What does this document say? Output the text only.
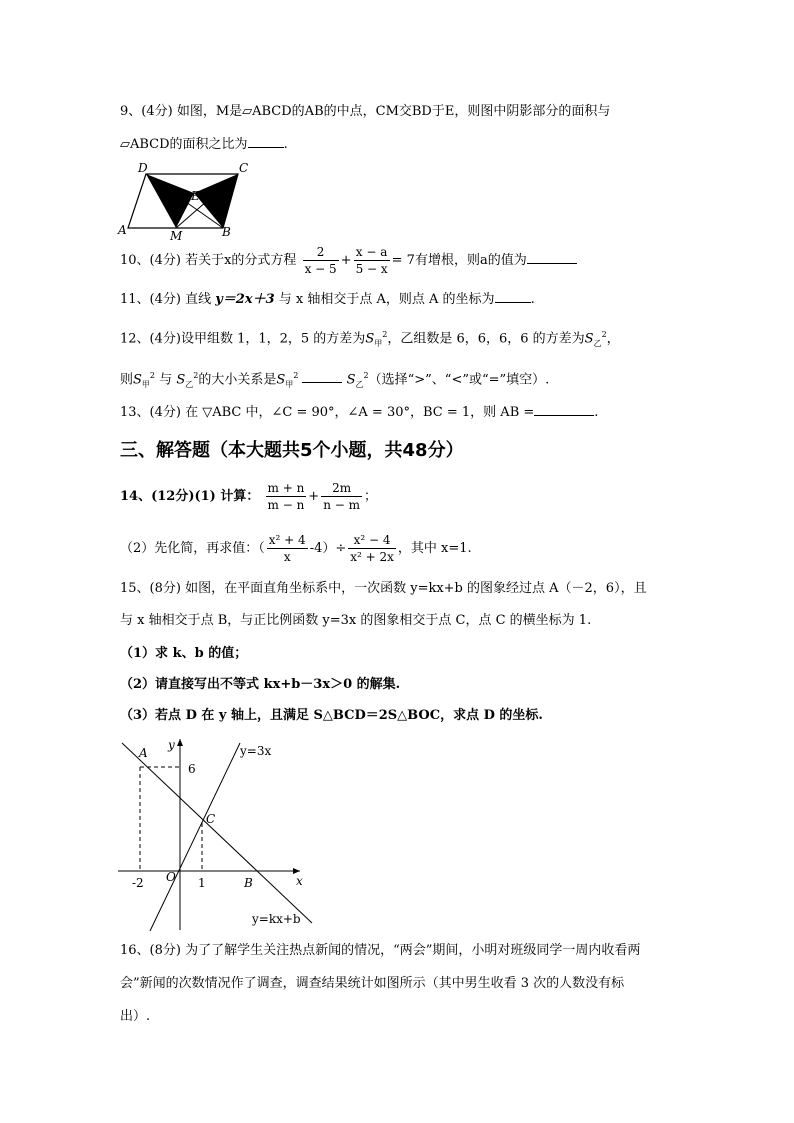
9、(4分) 如图，M是▱ABCD的AB的中点，CM交BD于E，则图中阴影部分的面积与
▱ABCD的面积之比为	.
D	C
E
A	M	B
10、(4分) 若关于x的分式方程 $\frac{2}{x - 5} + \frac{x - a}{5 - x} = 7$有增根，则a的值为
11、(4分) 直线 y＝2x＋3 与 x 轴相交于点 A，则点 A 的坐标为	.
12、(4分)设甲组数 1，1，2，5 的方差为$S_甲^2$，乙组数是 6，6，6，6 的方差为$S_乙^2$，
则$S_甲^2$ 与 $S_乙^2$的大小关系是$S_甲^2$	$S_乙^2$（选择“>”、“<”或“=”填空）.
13、(4分) 在 ▽ABC 中，∠C = 90°，∠A = 30°，BC = 1，则 AB =	.
三、解答题（本大题共5个小题，共48分）
14、(12分)(1) 计算： $\frac{m + n}{m - n} + \frac{2m}{n - m}$ ；
（2）先化简，再求值：（ $\frac{\text{x² + 4}}{x} -4)\div \frac{\text{x² − 4}}{\text{x² + 2x}}$ ，其中 x=1.
15、(8分) 如图，在平面直角坐标系中，一次函数 y=kx+b 的图象经过点 A（－2，6），且
与 x 轴相交于点 B，与正比例函数 y=3x 的图象相交于点 C，点 C 的横坐标为 1.
（1）求 k、b 的值；
（2）请直接写出不等式 kx+b－3x＞0 的解集.
（3）若点 D 在 y 轴上，且满足 S△BCD＝2S△BOC，求点 D 的坐标.
A
y
6
y=3x
C
-2 O 1	B	x
y=kx+b
16、(8分) 为了了解学生关注热点新闻的情况，“两会”期间，小明对班级同学一周内收看两
会”新闻的次数情况作了调查，调查结果统计如图所示（其中男生收看 3 次的人数没有标
出）.
